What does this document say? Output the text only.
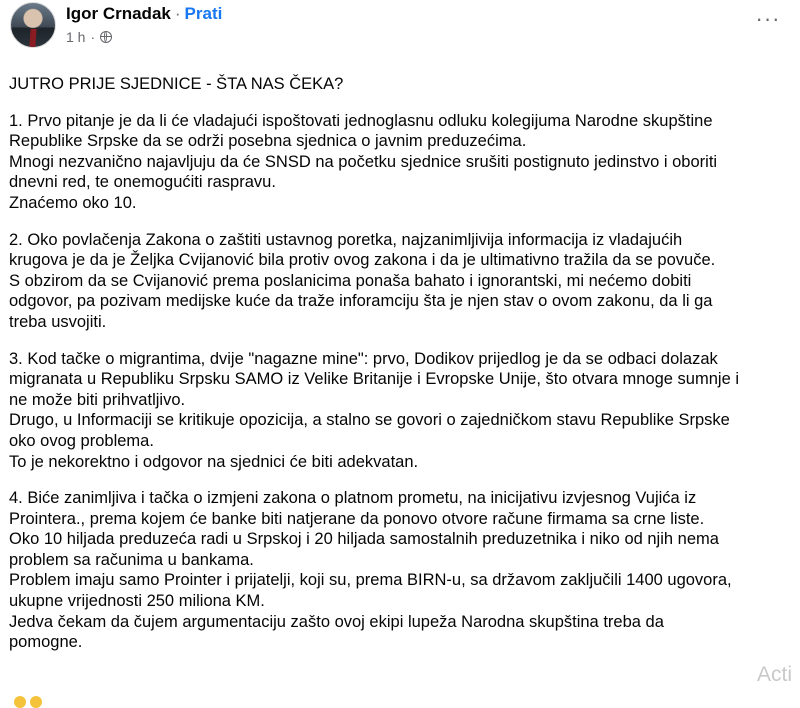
Igor Crnadak · Prati
1 h ·
···

JUTRO PRIJE SJEDNICE - ŠTA NAS ČEKA?

1. Prvo pitanje je da li će vladajući ispoštovati jednoglasnu odluku kolegijuma Narodne skupštine

Republike Srpske da se održi posebna sjednica o javnim preduzećima.

Mnogi nezvanično najavljuju da će SNSD na početku sjednice srušiti postignuto jedinstvo i oboriti

dnevni red, te onemogućiti raspravu.

Znaćemo oko 10.

2. Oko povlačenja Zakona o zaštiti ustavnog poretka, najzanimljivija informacija iz vladajućih

krugova je da je Željka Cvijanović bila protiv ovog zakona i da je ultimativno tražila da se povuče.

S obzirom da se Cvijanović prema poslanicima ponaša bahato i ignorantski, mi nećemo dobiti

odgovor, pa pozivam medijske kuće da traže inforamciju šta je njen stav o ovom zakonu, da li ga

treba usvojiti.

3. Kod tačke o migrantima, dvije "nagazne mine": prvo, Dodikov prijedlog je da se odbaci dolazak

migranata u Republiku Srpsku SAMO iz Velike Britanije i Evropske Unije, što otvara mnoge sumnje i

ne može biti prihvatljivo.

Drugo, u Informaciji se kritikuje opozicija, a stalno se govori o zajedničkom stavu Republike Srpske

oko ovog problema.

To je nekorektno i odgovor na sjednici će biti adekvatan.

4. Biće zanimljiva i tačka o izmjeni zakona o platnom prometu, na inicijativu izvjesnog Vujića iz

Prointera., prema kojem će banke biti natjerane da ponovo otvore račune firmama sa crne liste.

Oko 10 hiljada preduzeća radi u Srpskoj i 20 hiljada samostalnih preduzetnika i niko od njih nema

problem sa računima u bankama.

Problem imaju samo Prointer i prijatelji, koji su, prema BIRN-u, sa državom zaključili 1400 ugovora,

ukupne vrijednosti 250 miliona KM.

Jedva čekam da čujem argumentaciju zašto ovoj ekipi lupeža Narodna skupština treba da

pomogne.

Acti
